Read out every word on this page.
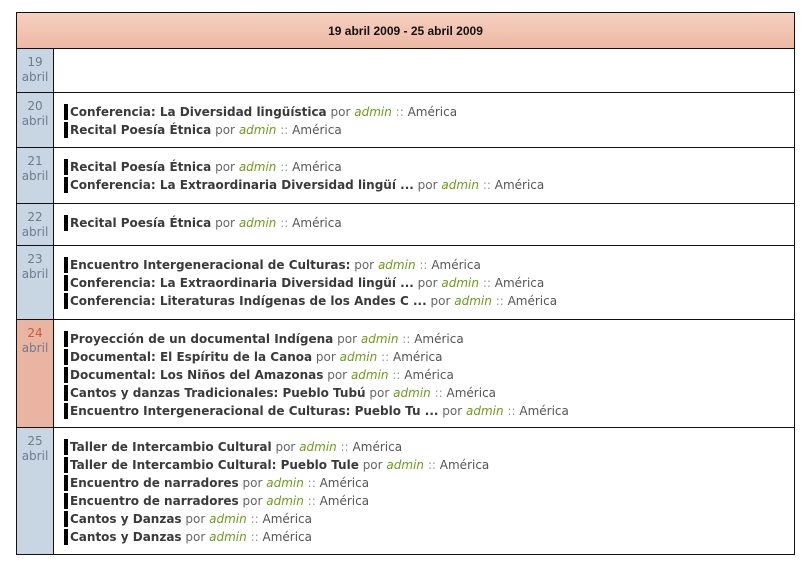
19 abril 2009 - 25 abril 2009
19
abril
20
abril
Conferencia: La Diversidad lingüística por admin :: América
Recital Poesía Étnica por admin :: América
21
abril
Recital Poesía Étnica por admin :: América
Conferencia: La Extraordinaria Diversidad lingüí ... por admin :: América
22
abril
Recital Poesía Étnica por admin :: América
23
abril
Encuentro Intergeneracional de Culturas: por admin :: América
Conferencia: La Extraordinaria Diversidad lingüí ... por admin :: América
Conferencia: Literaturas Indígenas de los Andes C ... por admin :: América
24
abril
Proyección de un documental Indígena por admin :: América
Documental: El Espíritu de la Canoa por admin :: América
Documental: Los Niños del Amazonas por admin :: América
Cantos y danzas Tradicionales: Pueblo Tubú por admin :: América
Encuentro Intergeneracional de Culturas: Pueblo Tu ... por admin :: América
25
abril
Taller de Intercambio Cultural por admin :: América
Taller de Intercambio Cultural: Pueblo Tule por admin :: América
Encuentro de narradores por admin :: América
Encuentro de narradores por admin :: América
Cantos y Danzas por admin :: América
Cantos y Danzas por admin :: América
